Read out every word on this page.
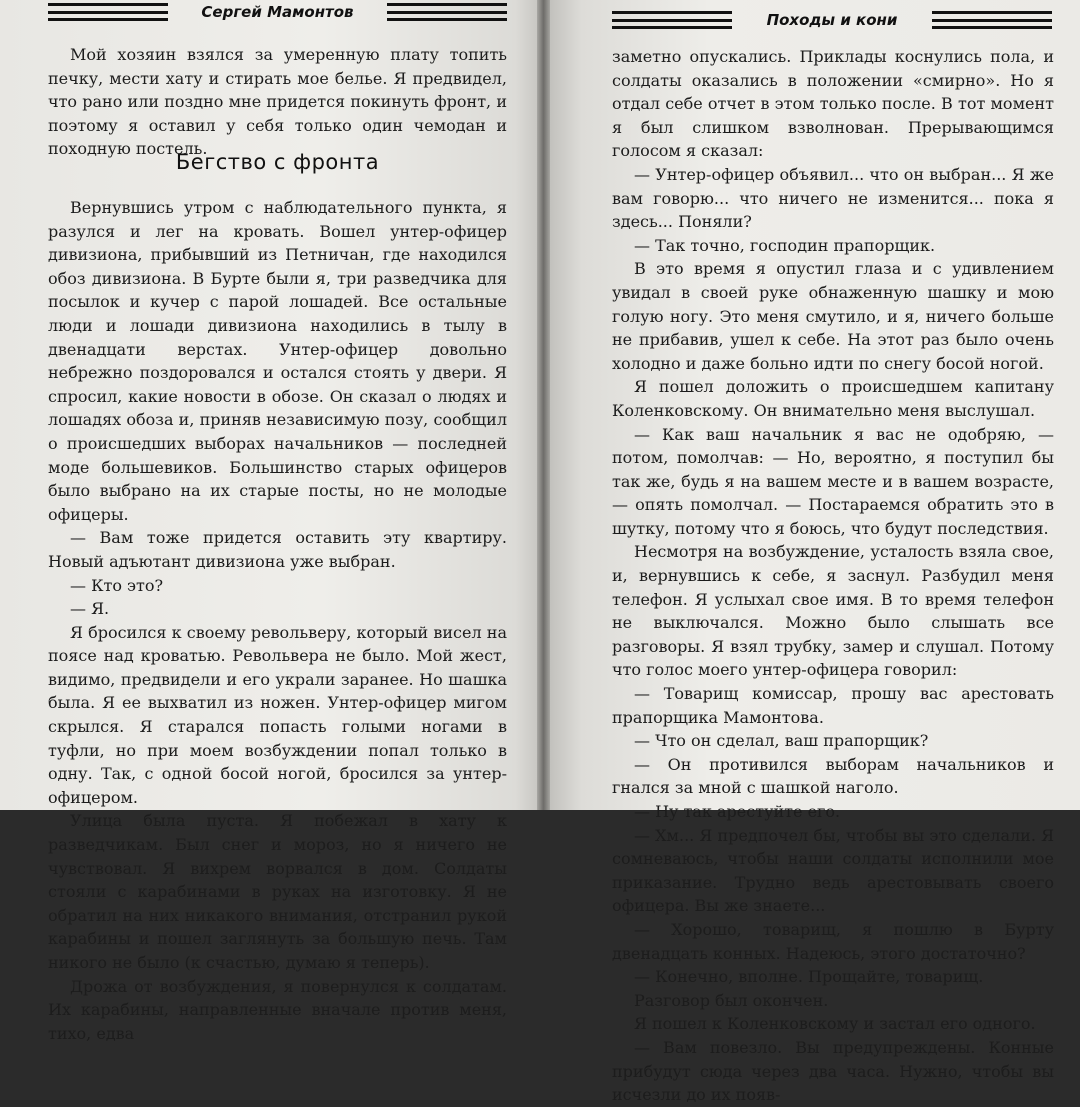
Сергей Мамонтов

Мой хозяин взялся за умеренную плату топить печку, мести хату и стирать мое белье. Я предвидел, что рано или поздно мне придется покинуть фронт, и поэтому я оставил у себя только один чемодан и походную постель.

Бегство с фронта

Вернувшись утром с наблюдательного пункта, я разулся и лег на кровать. Вошел унтер-офицер дивизиона, прибывший из Петничан, где находился обоз дивизиона. В Бурте были я, три разведчика для посылок и кучер с парой лошадей. Все остальные люди и лошади дивизиона находились в тылу в двенадцати верстах. Унтер-офицер довольно небрежно поздоровался и остался стоять у двери. Я спросил, какие новости в обозе. Он сказал о людях и лошадях обоза и, приняв независимую позу, сообщил о происшедших выборах начальников — последней моде большевиков. Большинство старых офицеров было выбрано на их старые посты, но не молодые офицеры.

— Вам тоже придется оставить эту квартиру. Новый адъютант дивизиона уже выбран.

— Кто это?

— Я.

Я бросился к своему револьверу, который висел на поясе над кроватью. Револьвера не было. Мой жест, видимо, предвидели и его украли заранее. Но шашка была. Я ее выхватил из ножен. Унтер-офицер мигом скрылся. Я старался попасть голыми ногами в туфли, но при моем возбуждении попал только в одну. Так, с одной босой ногой, бросился за унтер-офицером.

Улица была пуста. Я побежал в хату к разведчикам. Был снег и мороз, но я ничего не чувствовал. Я вихрем ворвался в дом. Солдаты стояли с карабинами в руках на изготовку. Я не обратил на них никакого внимания, отстранил рукой карабины и пошел заглянуть за большую печь. Там никого не было (к счастью, думаю я теперь).

Дрожа от возбуждения, я повернулся к солдатам. Их карабины, направленные вначале против меня, тихо, едва

Походы и кони

заметно опускались. Приклады коснулись пола, и солдаты оказались в положении «смирно». Но я отдал себе отчет в этом только после. В тот момент я был слишком взволнован. Прерывающимся голосом я сказал:

— Унтер-офицер объявил... что он выбран... Я же вам говорю... что ничего не изменится... пока я здесь... Поняли?

— Так точно, господин прапорщик.

В это время я опустил глаза и с удивлением увидал в своей руке обнаженную шашку и мою голую ногу. Это меня смутило, и я, ничего больше не прибавив, ушел к себе. На этот раз было очень холодно и даже больно идти по снегу босой ногой.

Я пошел доложить о происшедшем капитану Коленковскому. Он внимательно меня выслушал.

— Как ваш начальник я вас не одобряю, — потом, помолчав: — Но, вероятно, я поступил бы так же, будь я на вашем месте и в вашем возрасте, — опять помолчал. — Постараемся обратить это в шутку, потому что я боюсь, что будут последствия.

Несмотря на возбуждение, усталость взяла свое, и, вернувшись к себе, я заснул. Разбудил меня телефон. Я услыхал свое имя. В то время телефон не выключался. Можно было слышать все разговоры. Я взял трубку, замер и слушал. Потому что голос моего унтер-офицера говорил:

— Товарищ комиссар, прошу вас арестовать прапорщика Мамонтова.

— Что он сделал, ваш прапорщик?

— Он противился выборам начальников и гнался за мной с шашкой наголо.

— Ну так арестуйте его.

— Хм... Я предпочел бы, чтобы вы это сделали. Я сомневаюсь, чтобы наши солдаты исполнили мое приказание. Трудно ведь арестовывать своего офицера. Вы же знаете...

— Хорошо, товарищ, я пошлю в Бурту двенадцать конных. Надеюсь, этого достаточно?

— Конечно, вполне. Прощайте, товарищ.

Разговор был окончен.

Я пошел к Коленковскому и застал его одного.

— Вам повезло. Вы предупреждены. Конные прибудут сюда через два часа. Нужно, чтобы вы исчезли до их появ-
